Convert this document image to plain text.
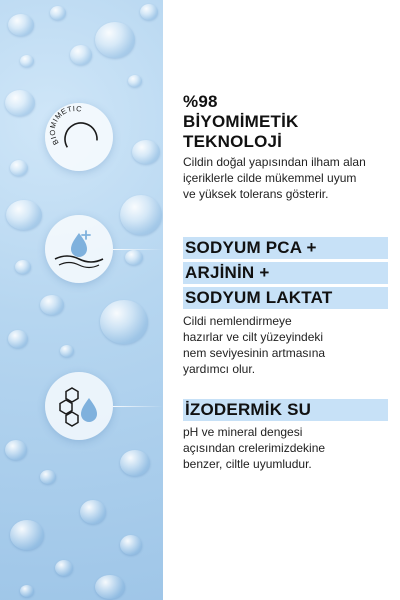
BIOMIMETIC	%98
BİYOMİMETİK
TEKNOLOJİ
Cildin doğal yapısından ilham alan
içeriklerle cilde mükemmel uyum
ve yüksek tolerans gösterir.
SODYUM PCA +
ARJİNİN +
SODYUM LAKTAT
Cildi nemlendirmeye
hazırlar ve cilt yüzeyindeki
nem seviyesinin artmasına
yardımcı olur.
İZODERMİK SU
pH ve mineral dengesi
açısından crelerimizdekine
benzer, ciltle uyumludur.
